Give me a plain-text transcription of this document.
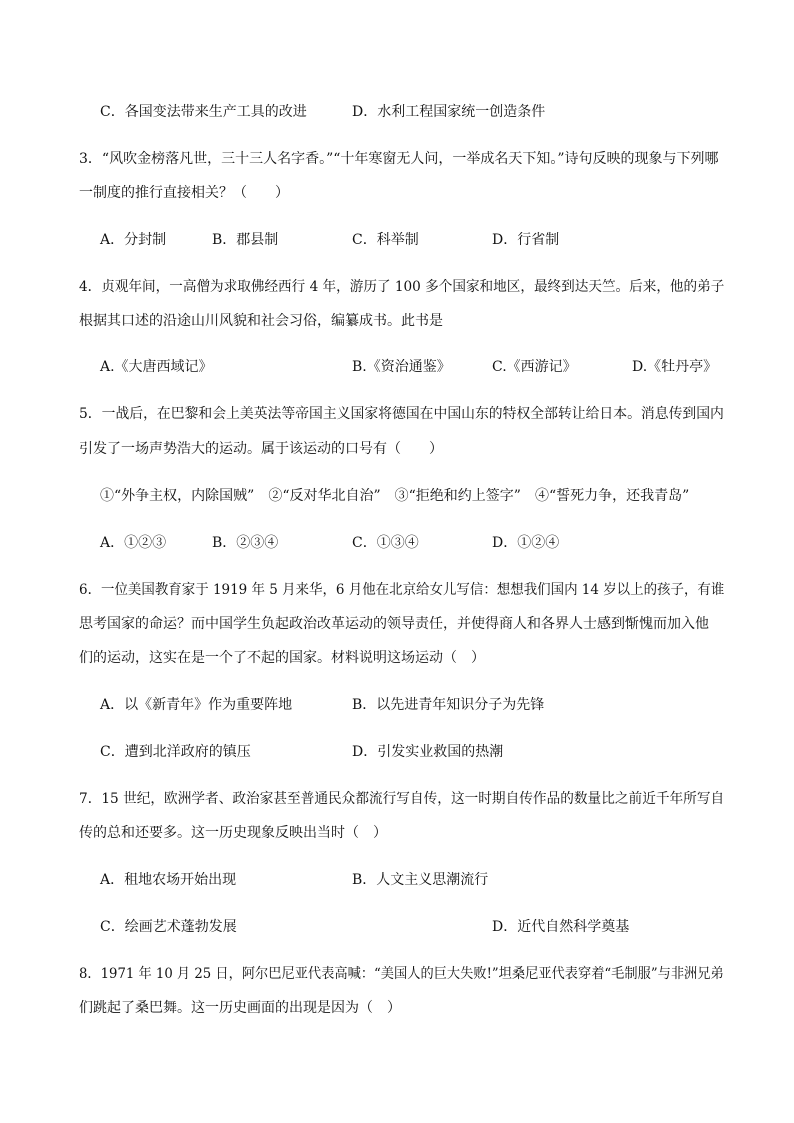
C．各国变法带来生产工具的改进	D．水利工程国家统一创造条件
3．“风吹金榜落凡世，三十三人名字香。”“十年寒窗无人问，一举成名天下知。”诗句反映的现象与下列哪
一制度的推行直接相关？（　　）
A．分封制	B．郡县制	C．科举制	D．行省制
4．贞观年间，一高僧为求取佛经西行 4 年，游历了 100 多个国家和地区，最终到达天竺。后来，他的弟子
根据其口述的沿途山川风貌和社会习俗，编纂成书。此书是
A.《大唐西域记》	B.《资治通鉴》	C.《西游记》	D.《牡丹亭》
5．一战后，在巴黎和会上美英法等帝国主义国家将德国在中国山东的特权全部转让给日本。消息传到国内
引发了一场声势浩大的运动。属于该运动的口号有（　　）
①“外争主权，内除国贼”　②“反对华北自治”　③“拒绝和约上签字”　④“誓死力争，还我青岛”
A．①②③	B．②③④	C．①③④	D．①②④
6．一位美国教育家于 1919 年 5 月来华，6 月他在北京给女儿写信：想想我们国内 14 岁以上的孩子，有谁
思考国家的命运？而中国学生负起政治改革运动的领导责任，并使得商人和各界人士感到惭愧而加入他
们的运动，这实在是一个了不起的国家。材料说明这场运动（　）
A．以《新青年》作为重要阵地	B．以先进青年知识分子为先锋
C．遭到北洋政府的镇压	D．引发实业救国的热潮
7．15 世纪，欧洲学者、政治家甚至普通民众都流行写自传，这一时期自传作品的数量比之前近千年所写自
传的总和还要多。这一历史现象反映出当时（　）
A．租地农场开始出现	B．人文主义思潮流行
C．绘画艺术蓬勃发展	D．近代自然科学奠基
8．1971 年 10 月 25 日，阿尔巴尼亚代表高喊：“美国人的巨大失败!”坦桑尼亚代表穿着“毛制服”与非洲兄弟
们跳起了桑巴舞。这一历史画面的出现是因为（　）
